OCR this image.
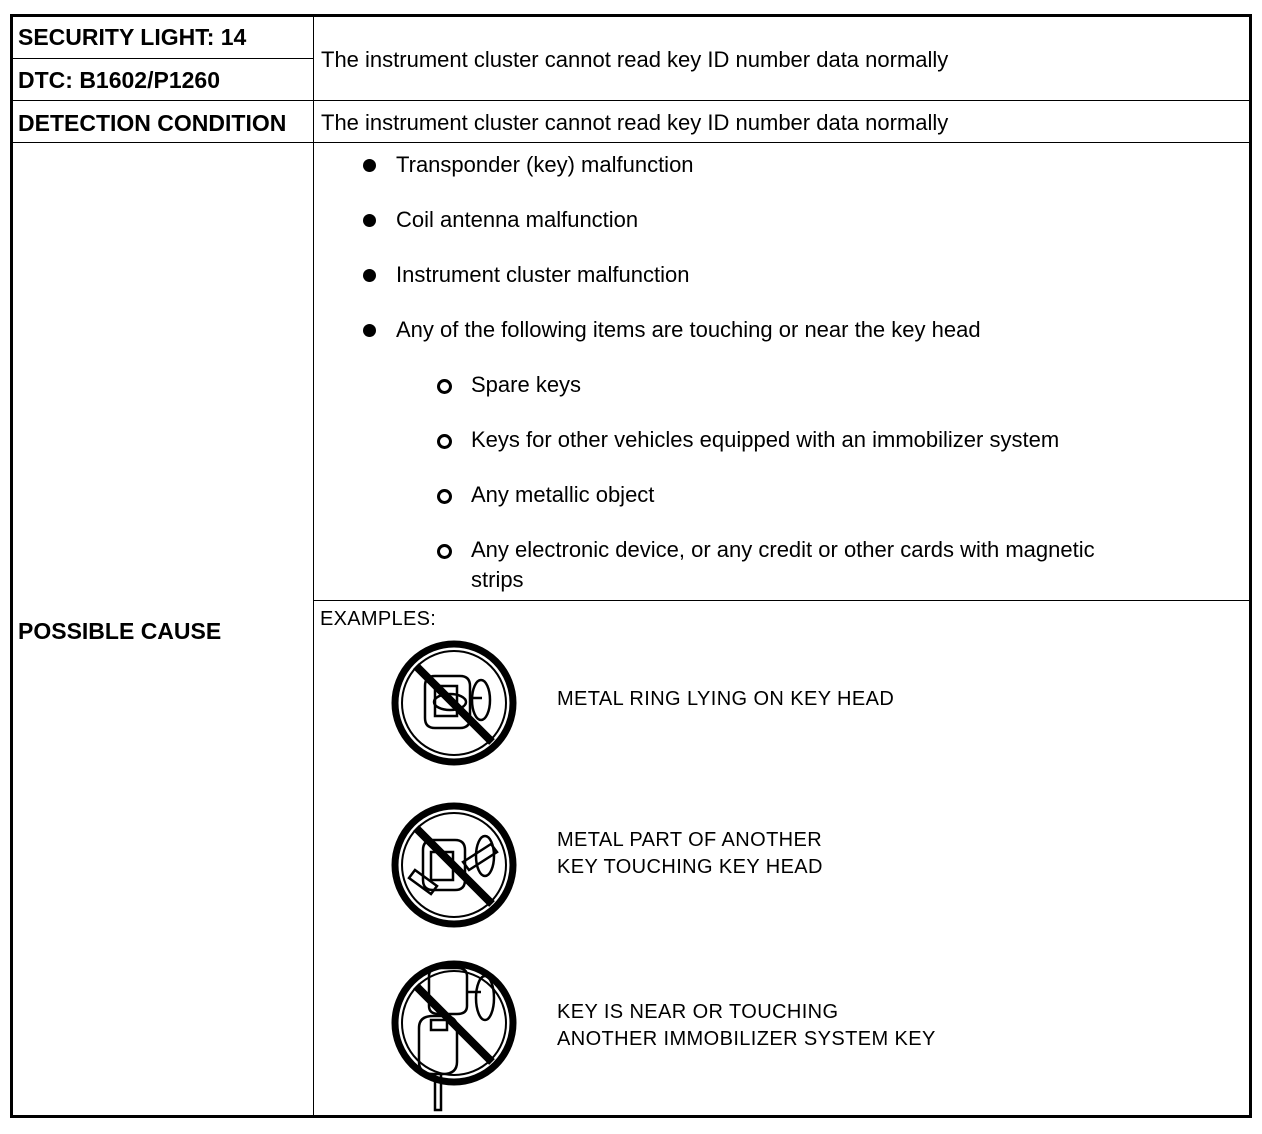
SECURITY LIGHT: 14
DTC: B1602/P1260
DETECTION CONDITION
POSSIBLE CAUSE
The instrument cluster cannot read key ID number data normally
The instrument cluster cannot read key ID number data normally
Transponder (key) malfunction
Coil antenna malfunction
Instrument cluster malfunction
Any of the following items are touching or near the key head
Spare keys
Keys for other vehicles equipped with an immobilizer system
Any metallic object
Any electronic device, or any credit or other cards with magnetic
strips
EXAMPLES:
METAL RING LYING ON KEY HEAD
METAL PART OF ANOTHER
KEY TOUCHING KEY HEAD
KEY IS NEAR OR TOUCHING
ANOTHER IMMOBILIZER SYSTEM KEY
